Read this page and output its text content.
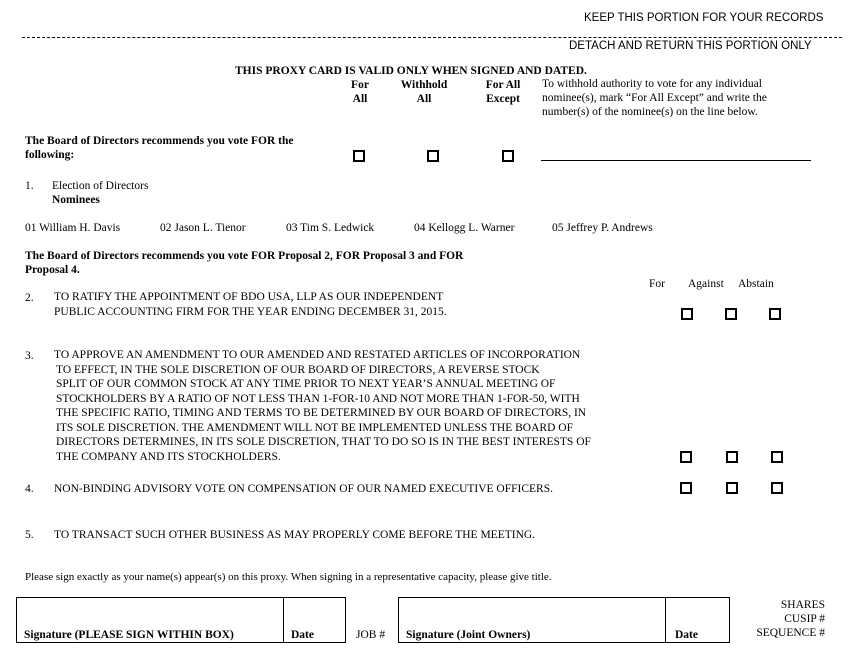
KEEP THIS PORTION FOR YOUR RECORDS
DETACH AND RETURN THIS PORTION ONLY
THIS PROXY CARD IS VALID ONLY WHEN SIGNED AND DATED.
For
All
Withhold
All
For All
Except
To withhold authority to vote for any individual
nominee(s), mark “For All Except” and write the
number(s) of the nominee(s) on the line below.
The Board of Directors recommends you vote FOR the
following:
1. Election of Directors
Nominees
01 William H. Davis	02 Jason L. Tienor	03 Tim S. Ledwick	04 Kellogg L. Warner	05 Jeffrey P. Andrews
The Board of Directors recommends you vote FOR Proposal 2, FOR Proposal 3 and FOR
Proposal 4.
For Against Abstain
2. TO RATIFY THE APPOINTMENT OF BDO USA, LLP AS OUR INDEPENDENT
PUBLIC ACCOUNTING FIRM FOR THE YEAR ENDING DECEMBER 31, 2015.
3. TO APPROVE AN AMENDMENT TO OUR AMENDED AND RESTATED ARTICLES OF INCORPORATION
TO EFFECT, IN THE SOLE DISCRETION OF OUR BOARD OF DIRECTORS, A REVERSE STOCK
SPLIT OF OUR COMMON STOCK AT ANY TIME PRIOR TO NEXT YEAR’S ANNUAL MEETING OF
STOCKHOLDERS BY A RATIO OF NOT LESS THAN 1-FOR-10 AND NOT MORE THAN 1-FOR-50, WITH
THE SPECIFIC RATIO, TIMING AND TERMS TO BE DETERMINED BY OUR BOARD OF DIRECTORS, IN
ITS SOLE DISCRETION. THE AMENDMENT WILL NOT BE IMPLEMENTED UNLESS THE BOARD OF
DIRECTORS DETERMINES, IN ITS SOLE DISCRETION, THAT TO DO SO IS IN THE BEST INTERESTS OF
THE COMPANY AND ITS STOCKHOLDERS.
4. NON-BINDING ADVISORY VOTE ON COMPENSATION OF OUR NAMED EXECUTIVE OFFICERS.
5. TO TRANSACT SUCH OTHER BUSINESS AS MAY PROPERLY COME BEFORE THE MEETING.
Please sign exactly as your name(s) appear(s) on this proxy. When signing in a representative capacity, please give title.
Signature (PLEASE SIGN WITHIN BOX)	Date	JOB # Signature (Joint Owners)	Date
SHARES
CUSIP #
SEQUENCE #
